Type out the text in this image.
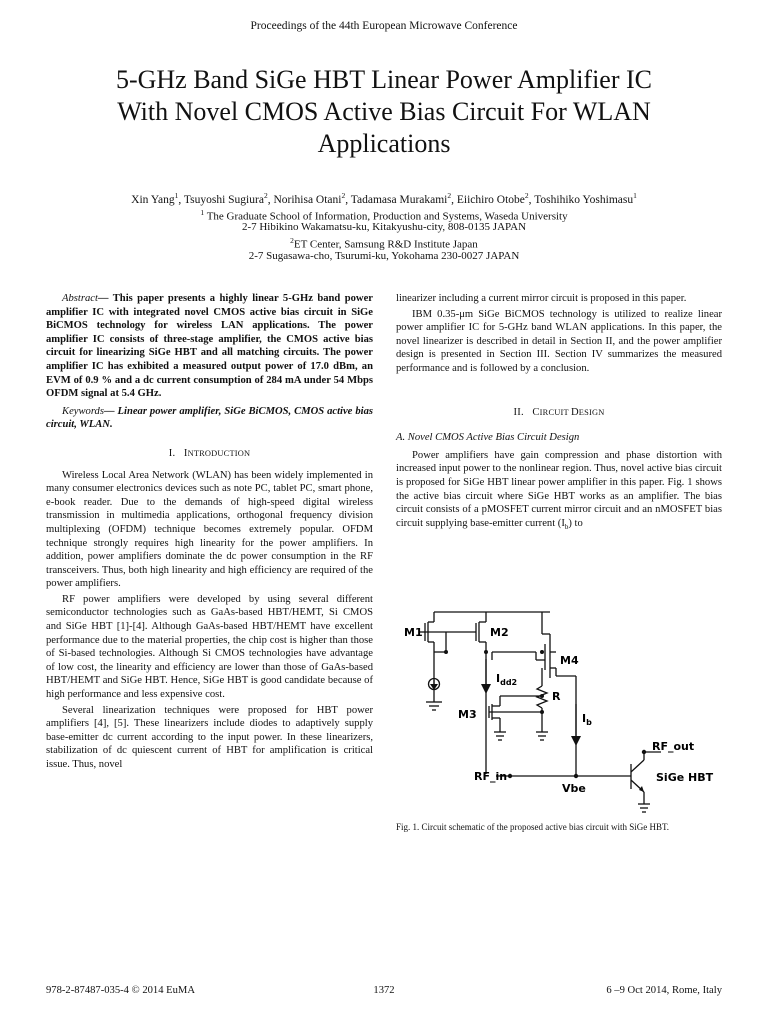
Proceedings of the 44th European Microwave Conference
5-GHz Band SiGe HBT Linear Power Amplifier IC
With Novel CMOS Active Bias Circuit For WLAN
Applications
Xin Yang$^1$, Tsuyoshi Sugiura$^2$, Norihisa Otani$^2$, Tadamasa Murakami$^2$, Eiichiro Otobe$^2$, Toshihiko Yoshimasu$^1$
$^1$ The Graduate School of Information, Production and Systems, Waseda University
2-7 Hibikino Wakamatsu-ku, Kitakyushu-city, 808-0135 JAPAN
$^2$ET Center, Samsung R&D Institute Japan
2-7 Sugasawa-cho, Tsurumi-ku, Yokohama 230-0027 JAPAN

Abstract— This paper presents a highly linear 5-GHz band power amplifier IC with integrated novel CMOS active bias circuit in SiGe BiCMOS technology for wireless LAN applications. The power amplifier IC consists of three-stage amplifier, the CMOS active bias circuit for linearizing SiGe HBT and all matching circuits. The power amplifier IC has exhibited a measured output power of 17.0 dBm, an EVM of 0.9 % and a dc current consumption of 284 mA under 54 Mbps OFDM signal at 5.4 GHz.

Keywords— Linear power amplifier, SiGe BiCMOS, CMOS active bias circuit, WLAN.

I. INTRODUCTION

Wireless Local Area Network (WLAN) has been widely implemented in many consumer electronics devices such as note PC, tablet PC, smart phone, e-book reader. Due to the demands of high-speed digital wireless transmission in multimedia applications, orthogonal frequency division multiplexing (OFDM) technique becomes extremely popular. OFDM technique strongly requires high linearity for the power amplifiers. In addition, power amplifiers dominate the dc power consumption in the RF transceivers. Thus, both high linearity and high efficiency are required of the power amplifiers.

RF power amplifiers were developed by using several different semiconductor technologies such as GaAs-based HBT/HEMT, Si CMOS and SiGe HBT [1]-[4]. Although GaAs-based HBT/HEMT have excellent performance due to the material properties, the chip cost is higher than those of Si-based technologies. Although Si CMOS technologies have advantage of low cost, the linearity and efficiency are lower than those of GaAs-based HBT/HEMT and SiGe HBT. Hence, SiGe HBT is good candidate because of high performance and less expensive cost.

Several linearization techniques were proposed for HBT power amplifiers [4], [5]. These linearizers include diodes to adaptively supply base-emitter dc current according to the input power. In these linearizers, stabilization of dc quiescent current of HBT for amplification is critical issue. Thus, novel

linearizer including a current mirror circuit is proposed in this paper.

IBM 0.35-μm SiGe BiCMOS technology is utilized to realize linear power amplifier IC for 5-GHz band WLAN applications. In this paper, the novel linearizer is described in detail in Section II, and the power amplifier design is presented in Section III. Section IV summarizes the measured performance and is followed by a conclusion.

II. CIRCUIT DESIGN
A. Novel CMOS Active Bias Circuit Design

Power amplifiers have gain compression and phase distortion with increased input power to the nonlinear region. Thus, novel active bias circuit is proposed for SiGe HBT linear power amplifier in this paper. Fig. 1 shows the active bias circuit where SiGe HBT works as an amplifier. The bias circuit consists of a pMOSFET current mirror circuit and an nMOSFET bias circuit supplying base-emitter current $(I_b)$ to

M1	M2
M3
M4
$I_{dd2}$
R
$I_b$
RF_out
RF_in
Vbe
SiGe HBT
Fig. 1. Circuit schematic of the proposed active bias circuit with SiGe HBT.
978-2-87487-035-4 © 2014 EuMA	1372	6 –9 Oct 2014, Rome, Italy
